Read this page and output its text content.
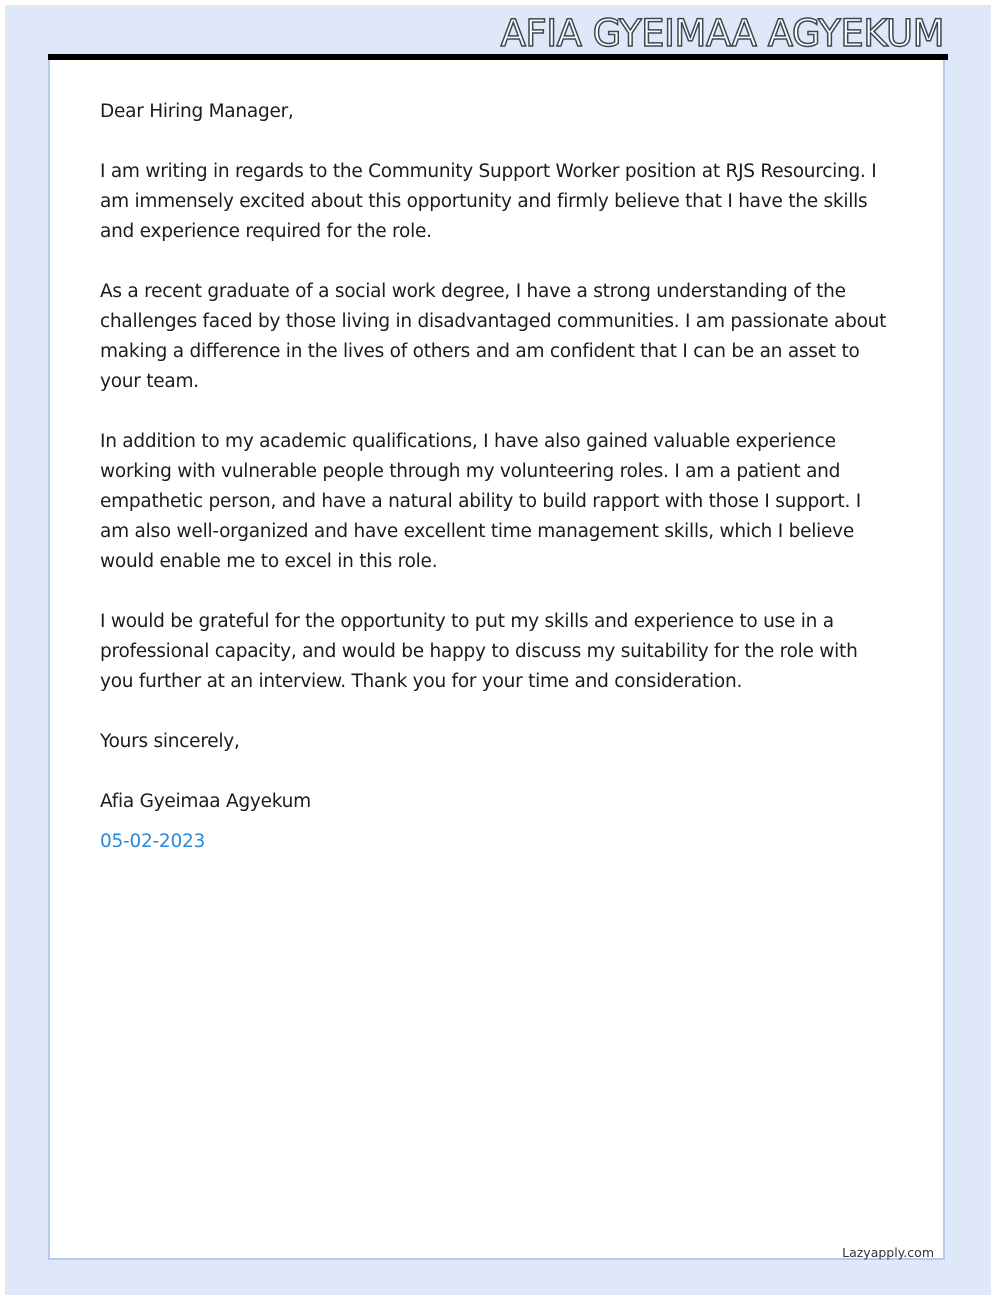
AFIA GYEIMAA AGYEKUM

Dear Hiring Manager,

I am writing in regards to the Community Support Worker position at RJS Resourcing. I am immensely excited about this opportunity and firmly believe that I have the skills and experience required for the role.

As a recent graduate of a social work degree, I have a strong understanding of the challenges faced by those living in disadvantaged communities. I am passionate about making a difference in the lives of others and am confident that I can be an asset to your team.

In addition to my academic qualifications, I have also gained valuable experience working with vulnerable people through my volunteering roles. I am a patient and empathetic person, and have a natural ability to build rapport with those I support. I am also well-organized and have excellent time management skills, which I believe would enable me to excel in this role.

I would be grateful for the opportunity to put my skills and experience to use in a professional capacity, and would be happy to discuss my suitability for the role with you further at an interview. Thank you for your time and consideration.

Yours sincerely,

Afia Gyeimaa Agyekum

05-02-2023

Lazyapply.com
